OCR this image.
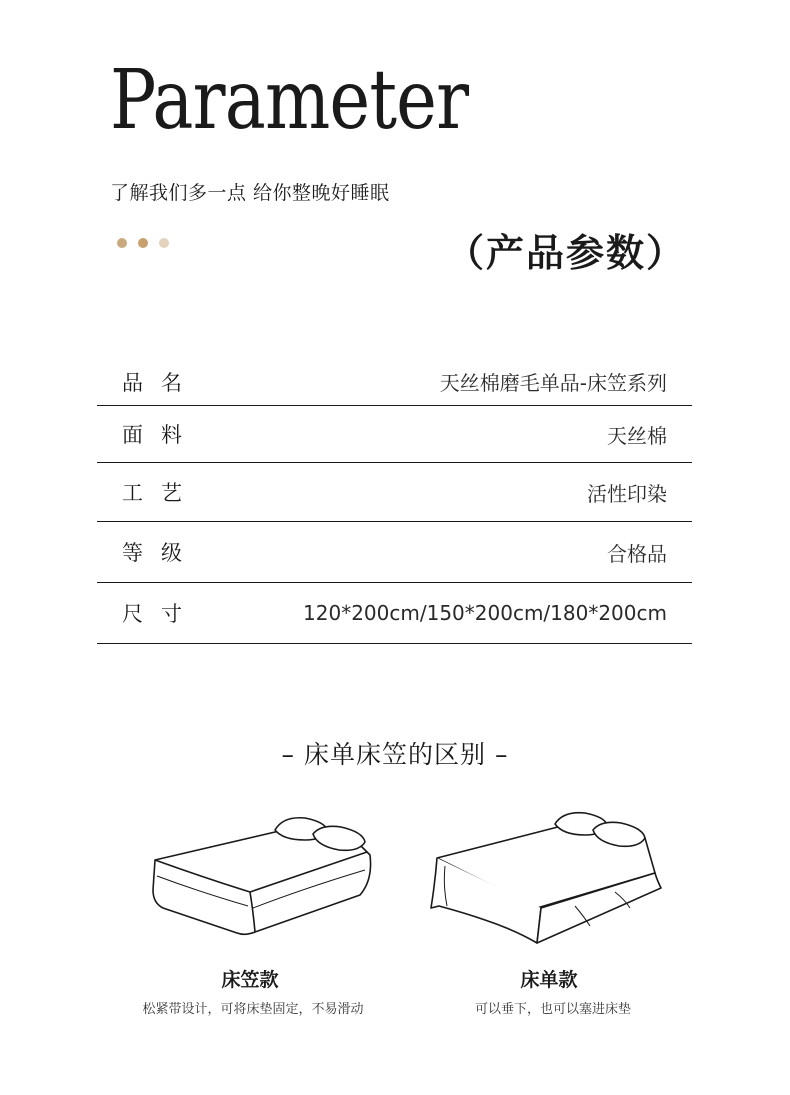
Parameter
了解我们多一点 给你整晚好睡眠
（产品参数）
品名	天丝棉磨毛单品-床笠系列
面料	天丝棉
工艺	活性印染
等级	合格品
尺寸	120*200cm/150*200cm/180*200cm
– 床单床笠的区别 –
床笠款
松紧带设计，可将床垫固定，不易滑动
床单款
可以垂下，也可以塞进床垫
